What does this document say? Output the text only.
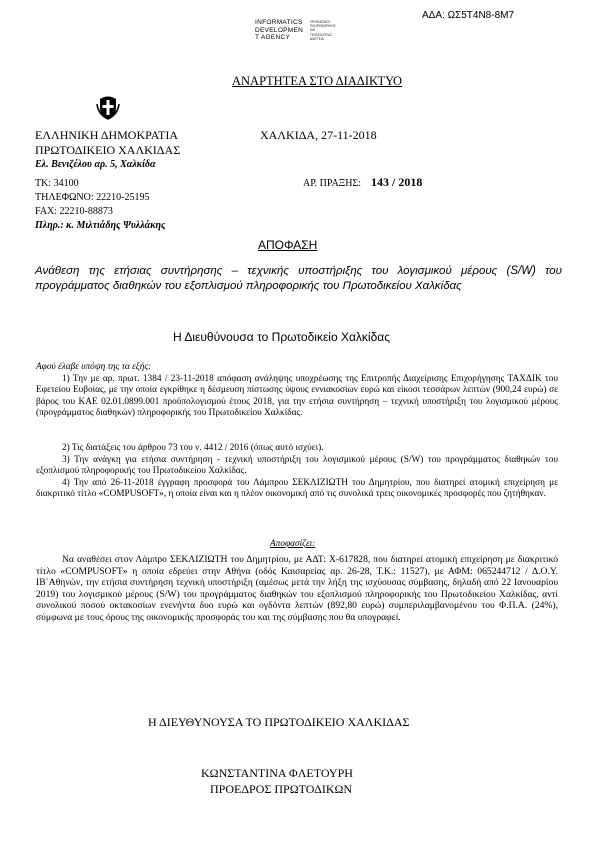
ΑΔΑ: ΩΣ5Τ4Ν8-8Μ7
INFORMATICS
DEVELOPMEN
T AGENCY
ΟΡΓΑΝΙΣΜΟΣ
ΠΛΗΡΟΦΟΡΙΚΗΣ
ΚΑΙ
ΤΕΧΝΟΛΟΓΙΑΣ
ΔΙΑΥΓΕΙΑ
ΑΝΑΡΤΗΤΕΑ ΣΤΟ ΔΙΑΔΙΚΤΥΟ
ΕΛΛΗΝΙΚΗ ΔΗΜΟΚΡΑΤΙΑ
ΠΡΩΤΟΔΙΚΕΙΟ ΧΑΛΚΙΔΑΣ
Ελ. Βενιζέλου αρ. 5, Χαλκίδα
ΤΚ: 34100
ΤΗΛΕΦΩΝΟ: 22210-25195
FAX: 22210-88873
Πληρ.: κ. Μιλτιάδης Ψυλλάκης
ΧΑΛΚΙΔΑ, 27-11-2018
ΑΡ. ΠΡΑΞΗΣ: 143 / 2018
ΑΠΟΦΑΣΗ
Ανάθεση της ετήσιας συντήρησης – τεχνικής υποστήριξης του λογισμικού μέρους (S/W) του προγράμματος διαθηκών του εξοπλισμού πληροφορικής του Πρωτοδικείου Χαλκίδας
Η Διευθύνουσα το Πρωτοδικείο Χαλκίδας
Αφού έλαβε υπόψη της τα εξής:
1) Την με αρ. πρωτ. 1384 / 23-11-2018 απόφαση ανάληψης υποχρέωσης της Επιτροπής Διαχείρισης Επιχορήγησης ΤΑΧΔΙΚ του Εφετείου Ευβοίας, με την οποία εγκρίθηκε η δέσμευση πίστωσης ύψους εννιακοσίων ευρώ και είκοσι τεσσάρων λεπτών (900,24 ευρώ) σε βάρος του ΚΑΕ 02.01.0899.001 προϋπολογισμού έτους 2018, για την ετήσια συντήρηση – τεχνική υποστήριξη του λογισμικού μέρους (προγράμματος διαθηκών) πληροφορικής του Πρωτοδικείου Χαλκίδας.
2) Τις διατάξεις του άρθρου 73 του ν. 4412 / 2016 (όπως αυτό ισχύει).
3) Την ανάγκη για ετήσια συντήρηση - τεχνική υποστήριξη του λογισμικού μέρους (S/W) του προγράμματος διαθηκών του εξοπλισμού πληροφορικής του Πρωτοδικείου Χαλκίδας.
4) Την από 26-11-2018 έγγραφη προσφορά του Λάμπρου ΣΕΚΛΙΖΙΩΤΗ του Δημητρίου, που διατηρεί ατομική επιχείρηση με διακριτικό τίτλο «COMPUSOFT», η οποία είναι και η πλέον οικονομική από τις συνολικά τρεις οικονομικές προσφορές που ζητήθηκαν.
Αποφασίζει:
Να αναθέσει στον Λάμπρο ΣΕΚΛΙΖΙΩΤΗ του Δημητρίου, με ΑΔΤ: Χ-617828, που διατηρεί ατομική επιχείρηση με διακριτικό τίτλο «COMPUSOFT» η οποία εδρεύει στην Αθήνα (οδός Καισαρείας αρ. 26-28, Τ.Κ.: 11527), με ΑΦΜ: 065244712 / Δ.Ο.Υ. ΙΒ΄Αθηνών, την ετήσια συντήρηση τεχνική υποστήριξη (αμέσως μετά την λήξη της ισχύουσας σύμβασης, δηλαδή από 22 Ιανουαρίου 2019) του λογισμικού μέρους (S/W) του προγράμματος διαθηκών του εξοπλισμού πληροφορικής του Πρωτοδικείου Χαλκίδας, αντί συνολικού ποσού οκτακοσίων ενενήντα δυο ευρώ και ογδόντα λεπτών (892,80 ευρώ) συμπεριλαμβανομένου του Φ.Π.Α. (24%), σύμφωνα με τους όρους της οικονομικής προσφοράς του και της σύμβασης που θα υπογραφεί.
Η ΔΙΕΥΘΥΝΟΥΣΑ ΤΟ ΠΡΩΤΟΔΙΚΕΙΟ ΧΑΛΚΙΔΑΣ
ΚΩΝΣΤΑΝΤΙΝΑ ΦΛΕΤΟΥΡΗ
ΠΡΟΕΔΡΟΣ ΠΡΩΤΟΔΙΚΩΝ
